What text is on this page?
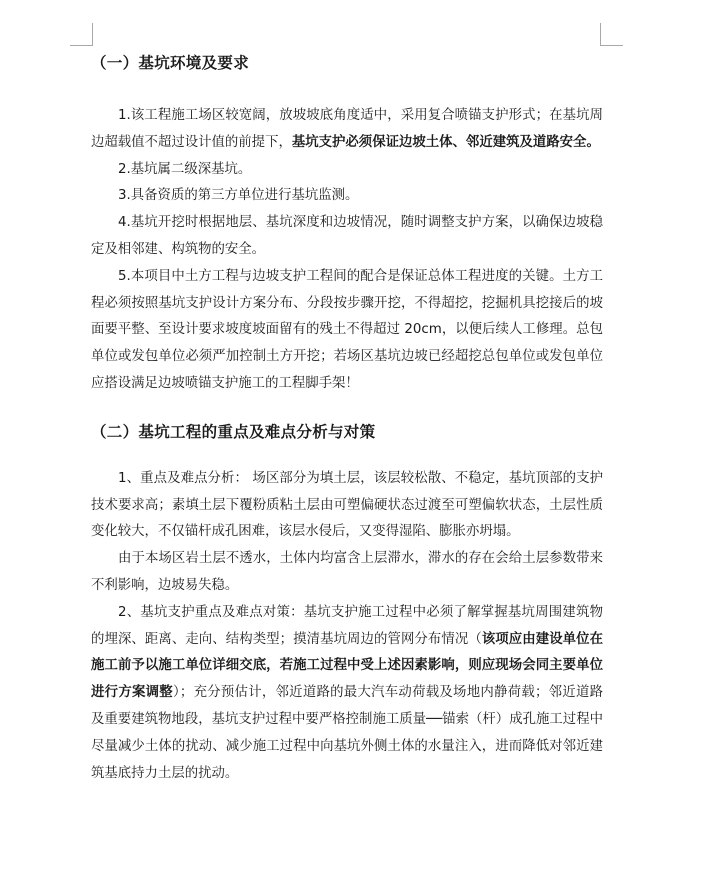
（一）基坑环境及要求

1.该工程施工场区较宽阔，放坡坡底角度适中，采用复合喷锚支护形式；在基坑周边超载值不超过设计值的前提下，基坑支护必须保证边坡土体、邻近建筑及道路安全。

2.基坑属二级深基坑。

3.具备资质的第三方单位进行基坑监测。

4.基坑开挖时根据地层、基坑深度和边坡情况，随时调整支护方案，以确保边坡稳定及相邻建、构筑物的安全。

5.本项目中土方工程与边坡支护工程间的配合是保证总体工程进度的关键。土方工程必须按照基坑支护设计方案分布、分段按步骤开挖，不得超挖，挖掘机具挖接后的坡面要平整、至设计要求坡度坡面留有的残土不得超过 20cm，以便后续人工修理。总包单位或发包单位必须严加控制土方开挖；若场区基坑边坡已经超挖总包单位或发包单位应搭设满足边坡喷锚支护施工的工程脚手架！

（二）基坑工程的重点及难点分析与对策

1、重点及难点分析： 场区部分为填土层，该层较松散、不稳定，基坑顶部的支护技术要求高；素填土层下覆粉质粘土层由可塑偏硬状态过渡至可塑偏软状态，土层性质变化较大，不仅锚杆成孔困难，该层水侵后，又变得湿陷、膨胀亦坍塌。

由于本场区岩土层不透水，土体内均富含上层滞水，滞水的存在会给土层参数带来不利影响，边坡易失稳。

2、基坑支护重点及难点对策：基坑支护施工过程中必须了解掌握基坑周围建筑物的埋深、距离、走向、结构类型；摸清基坑周边的管网分布情况（该项应由建设单位在施工前予以施工单位详细交底，若施工过程中受上述因素影响，则应现场会同主要单位进行方案调整）；充分预估计，邻近道路的最大汽车动荷载及场地内静荷载；邻近道路及重要建筑物地段，基坑支护过程中要严格控制施工质量──锚索（杆）成孔施工过程中尽量减少土体的扰动、减少施工过程中向基坑外侧土体的水量注入，进而降低对邻近建筑基底持力土层的扰动。
